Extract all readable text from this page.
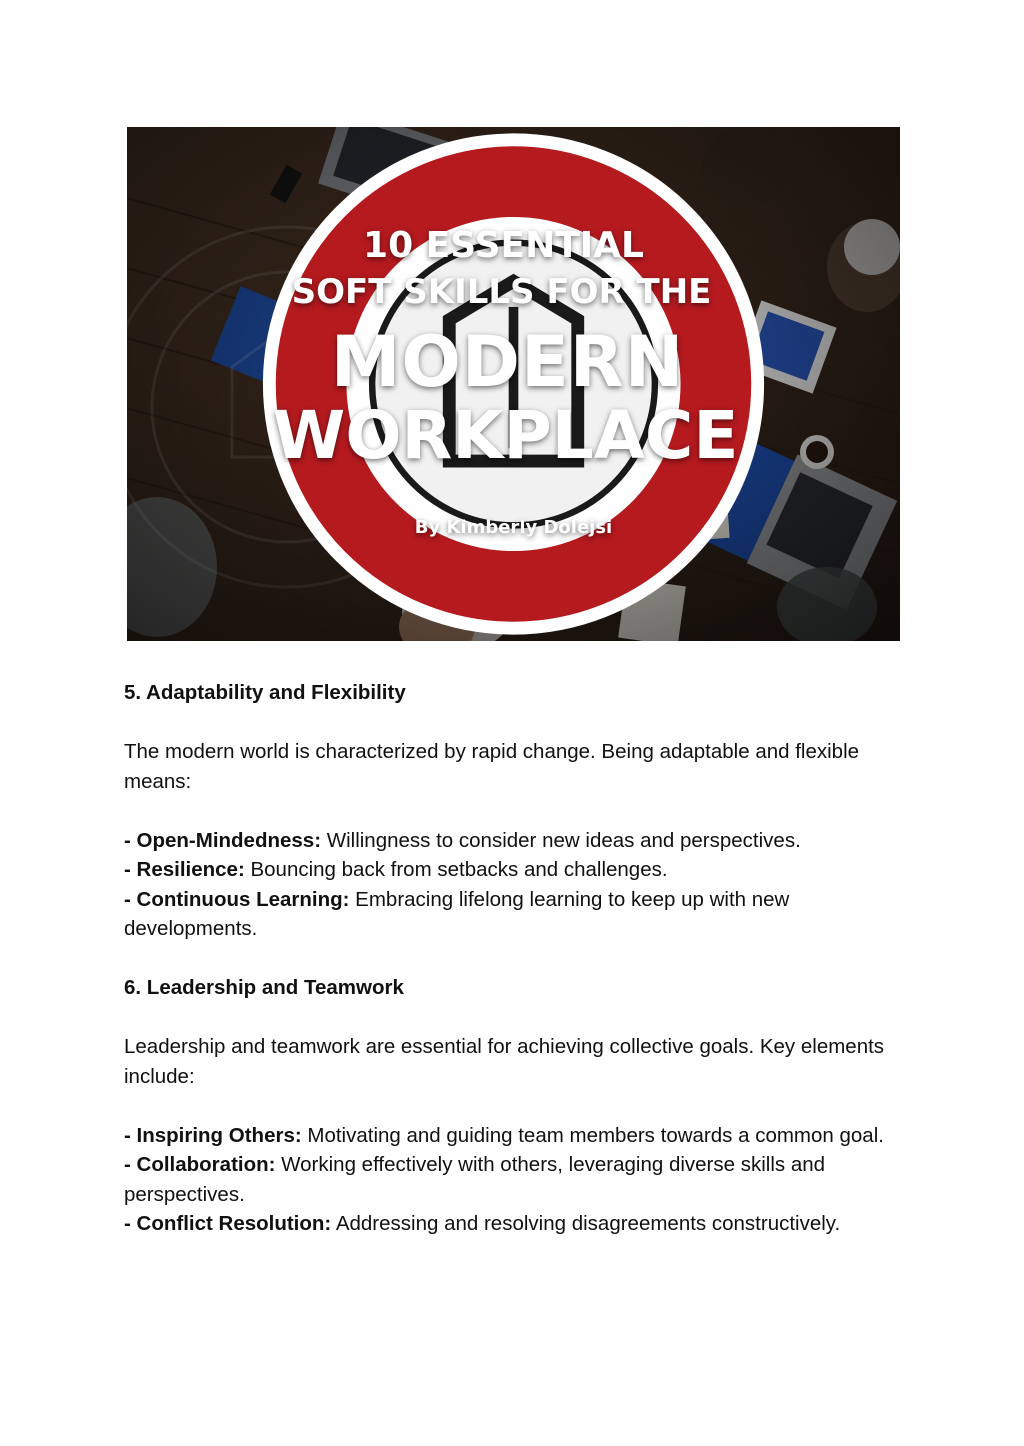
10 ESSENTIAL
SOFT SKILLS FOR THE
MODERN
WORKPLACE
By Kimberly Dolejsi
5. Adaptability and Flexibility

The modern world is characterized by rapid change. Being adaptable and flexible means:

- Open-Mindedness: Willingness to consider new ideas and perspectives.
- Resilience: Bouncing back from setbacks and challenges.
- Continuous Learning: Embracing lifelong learning to keep up with new developments.
6. Leadership and Teamwork

Leadership and teamwork are essential for achieving collective goals. Key elements include:

- Inspiring Others: Motivating and guiding team members towards a common goal.
- Collaboration: Working effectively with others, leveraging diverse skills and perspectives.
- Conflict Resolution: Addressing and resolving disagreements constructively.
